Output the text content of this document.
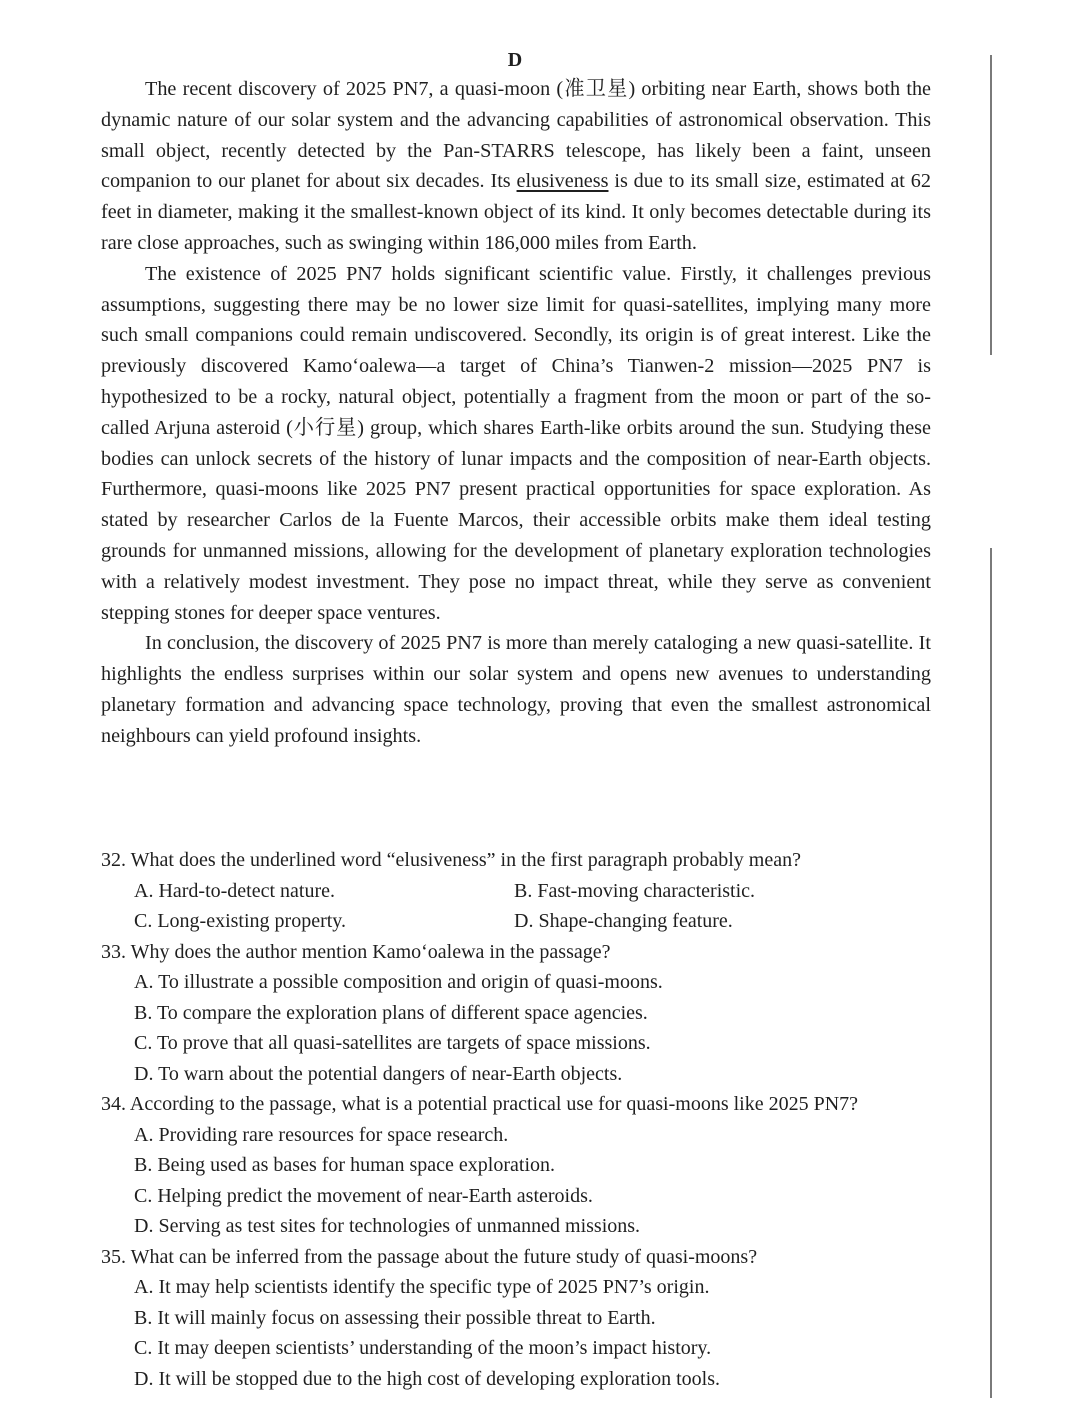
D

The recent discovery of 2025 PN7, a quasi-moon (准卫星) orbiting near Earth, shows both the dynamic nature of our solar system and the advancing capabilities of astronomical observation. This small object, recently detected by the Pan-STARRS telescope, has likely been a faint, unseen companion to our planet for about six decades. Its elusiveness is due to its small size, estimated at 62 feet in diameter, making it the smallest-known object of its kind. It only becomes detectable during its rare close approaches, such as swinging within 186,000 miles from Earth.

The existence of 2025 PN7 holds significant scientific value. Firstly, it challenges previous assumptions, suggesting there may be no lower size limit for quasi-satellites, implying many more such small companions could remain undiscovered. Secondly, its origin is of great interest. Like the previously discovered Kamo‘oalewa—a target of China’s Tianwen-2 mission—2025 PN7 is hypothesized to be a rocky, natural object, potentially a fragment from the moon or part of the so-called Arjuna asteroid (小行星) group, which shares Earth-like orbits around the sun. Studying these bodies can unlock secrets of the history of lunar impacts and the composition of near-Earth objects. Furthermore, quasi-moons like 2025 PN7 present practical opportunities for space exploration. As stated by researcher Carlos de la Fuente Marcos, their accessible orbits make them ideal testing grounds for unmanned missions, allowing for the development of planetary exploration technologies with a relatively modest investment. They pose no impact threat, while they serve as convenient stepping stones for deeper space ventures.

In conclusion, the discovery of 2025 PN7 is more than merely cataloging a new quasi-satellite. It highlights the endless surprises within our solar system and opens new avenues to understanding planetary formation and advancing space technology, proving that even the smallest astronomical neighbours can yield profound insights.

32. What does the underlined word “elusiveness” in the first paragraph probably mean?
A. Hard-to-detect nature.	B. Fast-moving characteristic.
C. Long-existing property.	D. Shape-changing feature.
33. Why does the author mention Kamo‘oalewa in the passage?
A. To illustrate a possible composition and origin of quasi-moons.
B. To compare the exploration plans of different space agencies.
C. To prove that all quasi-satellites are targets of space missions.
D. To warn about the potential dangers of near-Earth objects.
34. According to the passage, what is a potential practical use for quasi-moons like 2025 PN7?
A. Providing rare resources for space research.
B. Being used as bases for human space exploration.
C. Helping predict the movement of near-Earth asteroids.
D. Serving as test sites for technologies of unmanned missions.
35. What can be inferred from the passage about the future study of quasi-moons?
A. It may help scientists identify the specific type of 2025 PN7’s origin.
B. It will mainly focus on assessing their possible threat to Earth.
C. It may deepen scientists’ understanding of the moon’s impact history.
D. It will be stopped due to the high cost of developing exploration tools.
